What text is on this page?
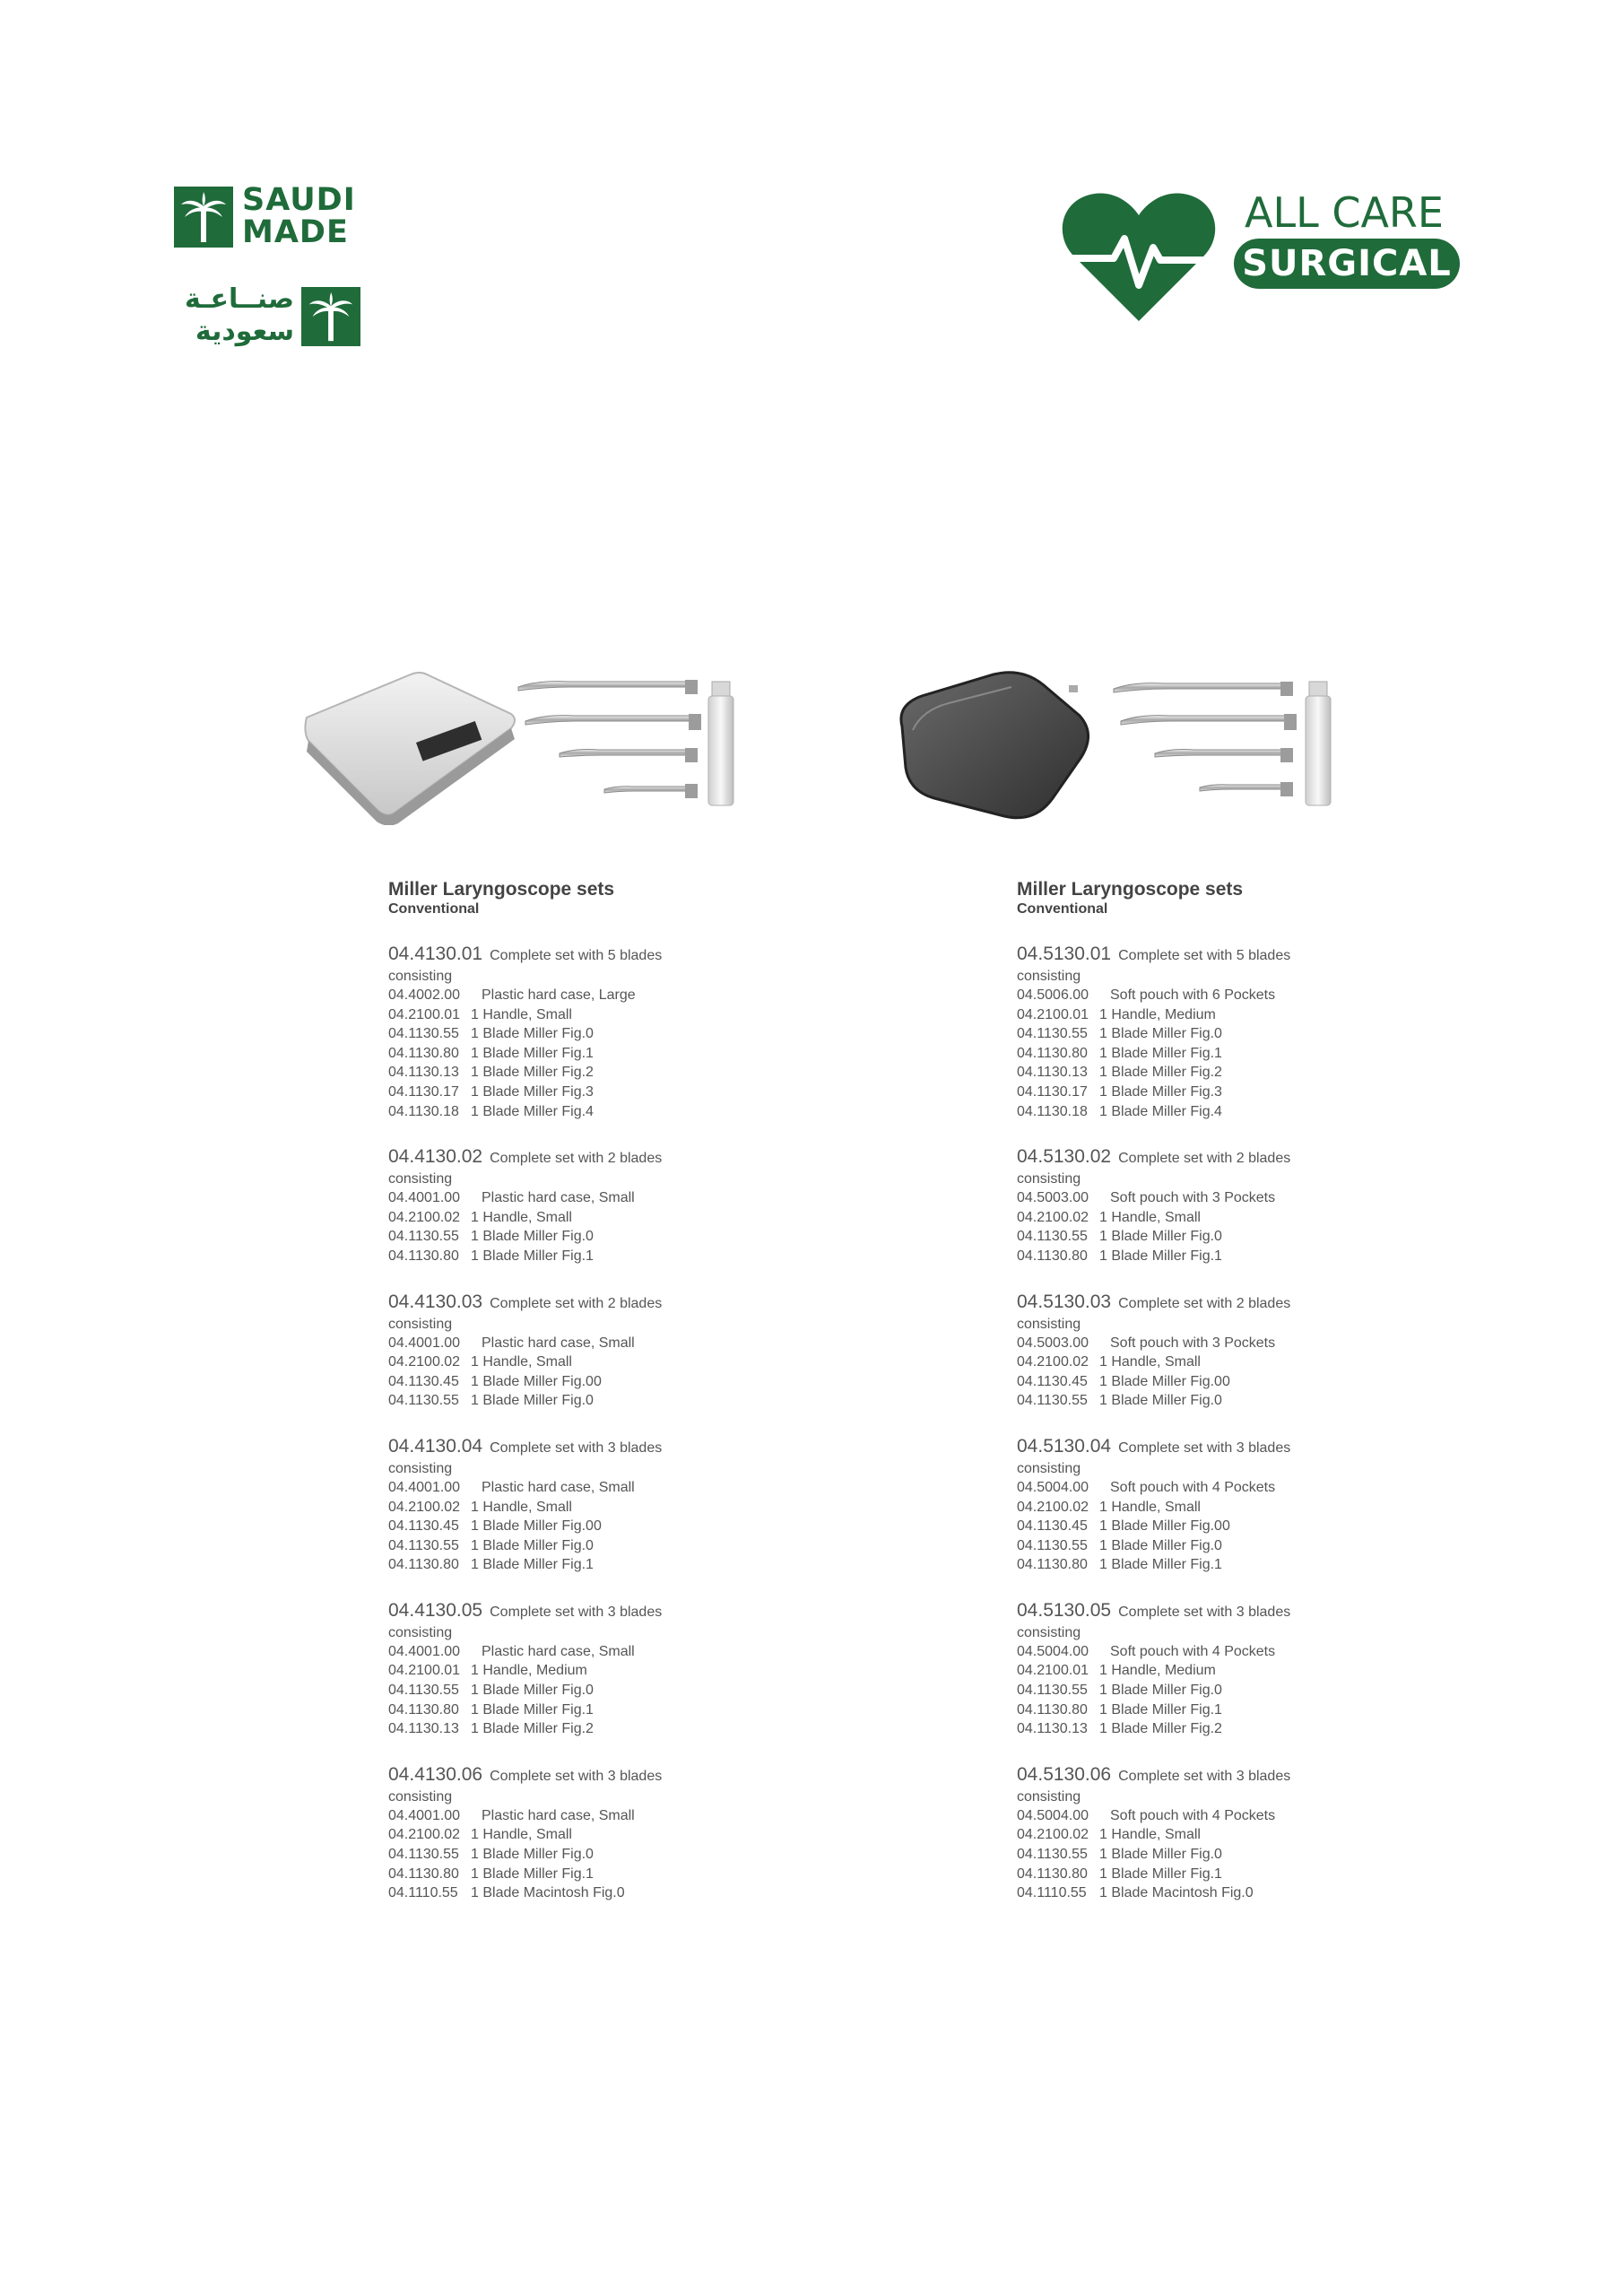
SAUDI
MADE
صنــاعـة
سعودية
ALL CARE
SURGICAL
Miller Laryngoscope sets
Conventional
04.4130.01 Complete set with 5 blades
consisting
04.4002.00 Plastic hard case, Large
04.2100.01 1 Handle, Small
04.1130.55 1 Blade Miller Fig.0
04.1130.80 1 Blade Miller Fig.1
04.1130.13 1 Blade Miller Fig.2
04.1130.17 1 Blade Miller Fig.3
04.1130.18 1 Blade Miller Fig.4
04.4130.02 Complete set with 2 blades
consisting
04.4001.00 Plastic hard case, Small
04.2100.02 1 Handle, Small
04.1130.55 1 Blade Miller Fig.0
04.1130.80 1 Blade Miller Fig.1
04.4130.03 Complete set with 2 blades
consisting
04.4001.00 Plastic hard case, Small
04.2100.02 1 Handle, Small
04.1130.45 1 Blade Miller Fig.00
04.1130.55 1 Blade Miller Fig.0
04.4130.04 Complete set with 3 blades
consisting
04.4001.00 Plastic hard case, Small
04.2100.02 1 Handle, Small
04.1130.45 1 Blade Miller Fig.00
04.1130.55 1 Blade Miller Fig.0
04.1130.80 1 Blade Miller Fig.1
04.4130.05 Complete set with 3 blades
consisting
04.4001.00 Plastic hard case, Small
04.2100.01 1 Handle, Medium
04.1130.55 1 Blade Miller Fig.0
04.1130.80 1 Blade Miller Fig.1
04.1130.13 1 Blade Miller Fig.2
04.4130.06 Complete set with 3 blades
consisting
04.4001.00 Plastic hard case, Small
04.2100.02 1 Handle, Small
04.1130.55 1 Blade Miller Fig.0
04.1130.80 1 Blade Miller Fig.1
04.1110.55 1 Blade Macintosh Fig.0
Miller Laryngoscope sets
Conventional
04.5130.01 Complete set with 5 blades
consisting
04.5006.00 Soft pouch with 6 Pockets
04.2100.01 1 Handle, Medium
04.1130.55 1 Blade Miller Fig.0
04.1130.80 1 Blade Miller Fig.1
04.1130.13 1 Blade Miller Fig.2
04.1130.17 1 Blade Miller Fig.3
04.1130.18 1 Blade Miller Fig.4
04.5130.02 Complete set with 2 blades
consisting
04.5003.00 Soft pouch with 3 Pockets
04.2100.02 1 Handle, Small
04.1130.55 1 Blade Miller Fig.0
04.1130.80 1 Blade Miller Fig.1
04.5130.03 Complete set with 2 blades
consisting
04.5003.00 Soft pouch with 3 Pockets
04.2100.02 1 Handle, Small
04.1130.45 1 Blade Miller Fig.00
04.1130.55 1 Blade Miller Fig.0
04.5130.04 Complete set with 3 blades
consisting
04.5004.00 Soft pouch with 4 Pockets
04.2100.02 1 Handle, Small
04.1130.45 1 Blade Miller Fig.00
04.1130.55 1 Blade Miller Fig.0
04.1130.80 1 Blade Miller Fig.1
04.5130.05 Complete set with 3 blades
consisting
04.5004.00 Soft pouch with 4 Pockets
04.2100.01 1 Handle, Medium
04.1130.55 1 Blade Miller Fig.0
04.1130.80 1 Blade Miller Fig.1
04.1130.13 1 Blade Miller Fig.2
04.5130.06 Complete set with 3 blades
consisting
04.5004.00 Soft pouch with 4 Pockets
04.2100.02 1 Handle, Small
04.1130.55 1 Blade Miller Fig.0
04.1130.80 1 Blade Miller Fig.1
04.1110.55 1 Blade Macintosh Fig.0
